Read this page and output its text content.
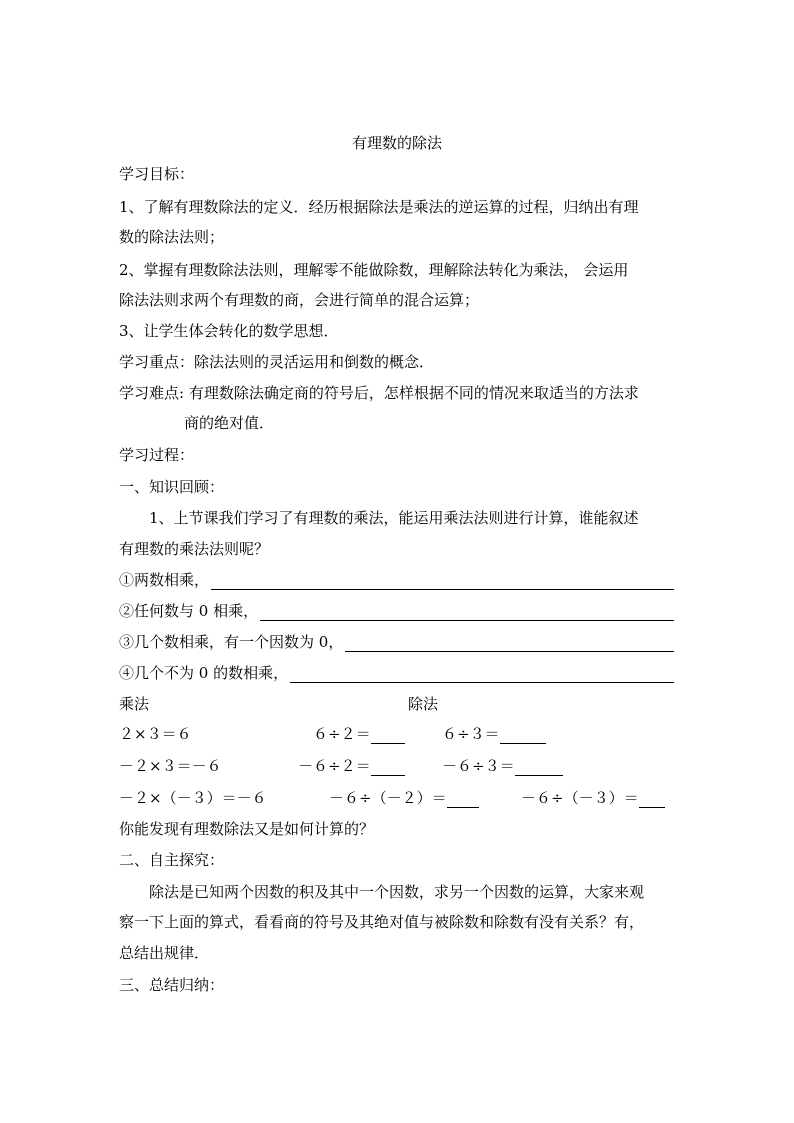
有理数的除法
学习目标：
1、了解有理数除法的定义．经历根据除法是乘法的逆运算的过程，归纳出有理
数的除法法则；
2、掌握有理数除法法则，理解零不能做除数，理解除法转化为乘法， 会运用
除法法则求两个有理数的商，会进行简单的混合运算；
3、让学生体会转化的数学思想．
学习重点：除法法则的灵活运用和倒数的概念．
学习难点: 有理数除法确定商的符号后，怎样根据不同的情况来取适当的方法求
商的绝对值．
学习过程：
一、知识回顾：
1、上节课我们学习了有理数的乘法，能运用乘法法则进行计算，谁能叙述
有理数的乘法法则呢？
①两数相乘，
②任何数与 0 相乘，
③几个数相乘，有一个因数为 0，
④几个不为 0 的数相乘，
乘法	除法
２×３＝６	６÷２＝	６÷３＝
－２×３＝－６	－６÷２＝	－６÷３＝
－２×（－３）＝－６	－６÷（－２）＝	－６÷（－３）＝
你能发现有理数除法又是如何计算的？
二、自主探究：
除法是已知两个因数的积及其中一个因数，求另一个因数的运算，大家来观
察一下上面的算式，看看商的符号及其绝对值与被除数和除数有没有关系？有，
总结出规律．
三、总结归纳：
